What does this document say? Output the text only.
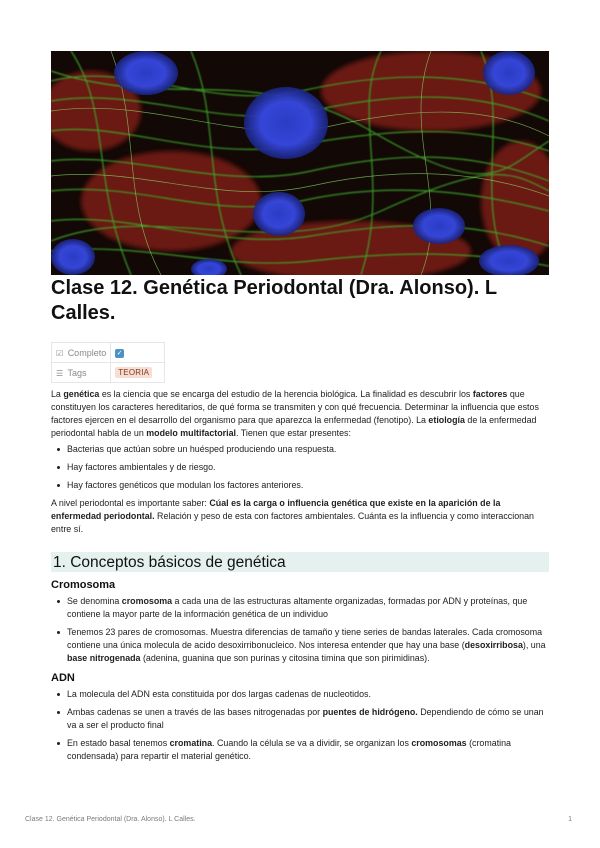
Clase 12. Genética Periodontal (Dra. Alonso). L Calles.
☑ Completo	✓
☰ Tags	TEORIA

La genética es la ciencia que se encarga del estudio de la herencia biológica. La finalidad es descubrir los factores que constituyen los caracteres hereditarios, de qué forma se transmiten y con qué frecuencia. Determinar la influencia que estos factores ejercen en el desarrollo del organismo para que aparezca la enfermedad (fenotipo). La etiología de la enfermedad periodontal habla de un modelo multifactorial. Tienen que estar presentes:

Bacterias que actúan sobre un huésped produciendo una respuesta.
Hay factores ambientales y de riesgo.
Hay factores genéticos que modulan los factores anteriores.

A nivel periodontal es importante saber: Cúal es la carga o influencia genética que existe en la aparición de la enfermedad periodontal. Relación y peso de esta con factores ambientales. Cuánta es la influencia y como interaccionan entre sí.

1. Conceptos básicos de genética
Cromosoma
Se denomina cromosoma a cada una de las estructuras altamente organizadas, formadas por ADN y proteínas, que contiene la mayor parte de la información genética de un individuo
Tenemos 23 pares de cromosomas. Muestra diferencias de tamaño y tiene series de bandas laterales. Cada cromosoma contiene una única molecula de acido desoxirribonucleico. Nos interesa entender que hay una base (desoxirribosa), una base nitrogenada (adenina, guanina que son purinas y citosina timina que son pirimidinas).
ADN
La molecula del ADN esta constituida por dos largas cadenas de nucleotidos.
Ambas cadenas se unen a través de las bases nitrogenadas por puentes de hidrógeno. Dependiendo de cómo se unan va a ser el producto final
En estado basal tenemos cromatina. Cuando la célula se va a dividir, se organizan los cromosomas (cromatina condensada) para repartir el material genético.
Clase 12. Genética Periodontal (Dra. Alonso). L Calles.	1
